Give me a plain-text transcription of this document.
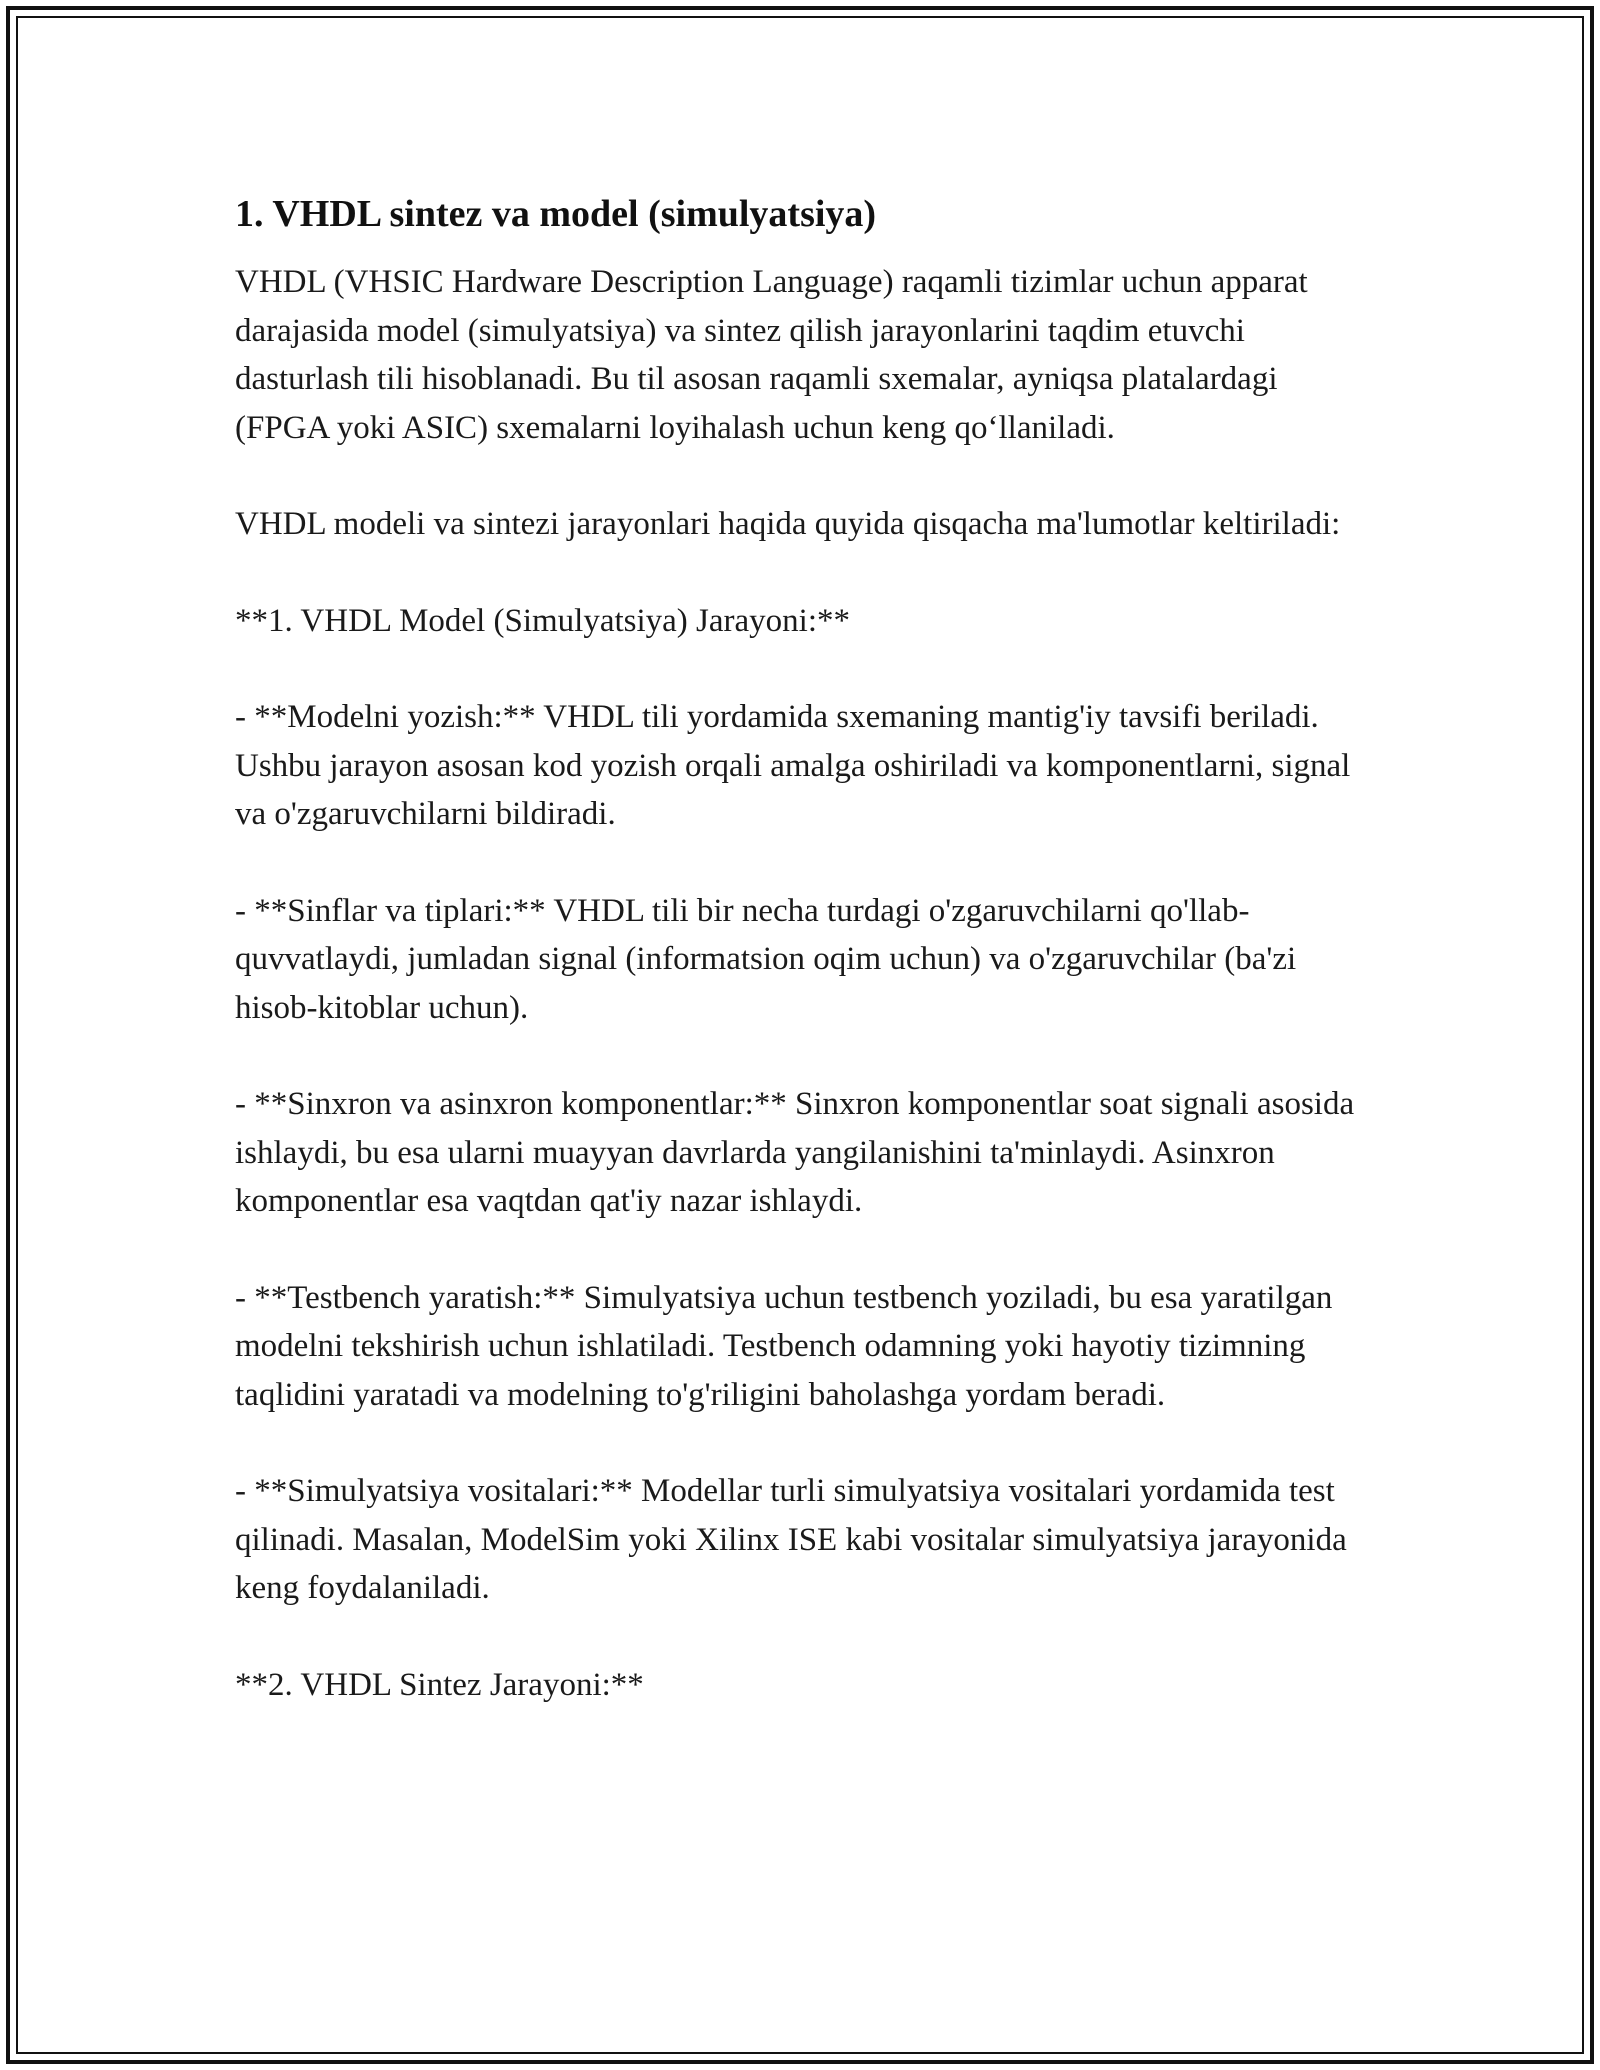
1. VHDL sintez va model (simulyatsiya)

VHDL (VHSIC Hardware Description Language) raqamli tizimlar uchun apparat darajasida model (simulyatsiya) va sintez qilish jarayonlarini taqdim etuvchi dasturlash tili hisoblanadi. Bu til asosan raqamli sxemalar, ayniqsa platalardagi (FPGA yoki ASIC) sxemalarni loyihalash uchun keng qo‘llaniladi.

VHDL modeli va sintezi jarayonlari haqida quyida qisqacha ma'lumotlar keltiriladi:

**1. VHDL Model (Simulyatsiya) Jarayoni:**

- **Modelni yozish:** VHDL tili yordamida sxemaning mantig'iy tavsifi beriladi. Ushbu jarayon asosan kod yozish orqali amalga oshiriladi va komponentlarni, signal va o'zgaruvchilarni bildiradi.

- **Sinflar va tiplari:** VHDL tili bir necha turdagi o'zgaruvchilarni qo'llab-quvvatlaydi, jumladan signal (informatsion oqim uchun) va o'zgaruvchilar (ba'zi hisob-kitoblar uchun).

- **Sinxron va asinxron komponentlar:** Sinxron komponentlar soat signali asosida ishlaydi, bu esa ularni muayyan davrlarda yangilanishini ta'minlaydi. Asinxron komponentlar esa vaqtdan qat'iy nazar ishlaydi.

- **Testbench yaratish:** Simulyatsiya uchun testbench yoziladi, bu esa yaratilgan modelni tekshirish uchun ishlatiladi. Testbench odamning yoki hayotiy tizimning taqlidini yaratadi va modelning to'g'riligini baholashga yordam beradi.

- **Simulyatsiya vositalari:** Modellar turli simulyatsiya vositalari yordamida test qilinadi. Masalan, ModelSim yoki Xilinx ISE kabi vositalar simulyatsiya jarayonida keng foydalaniladi.

**2. VHDL Sintez Jarayoni:**
